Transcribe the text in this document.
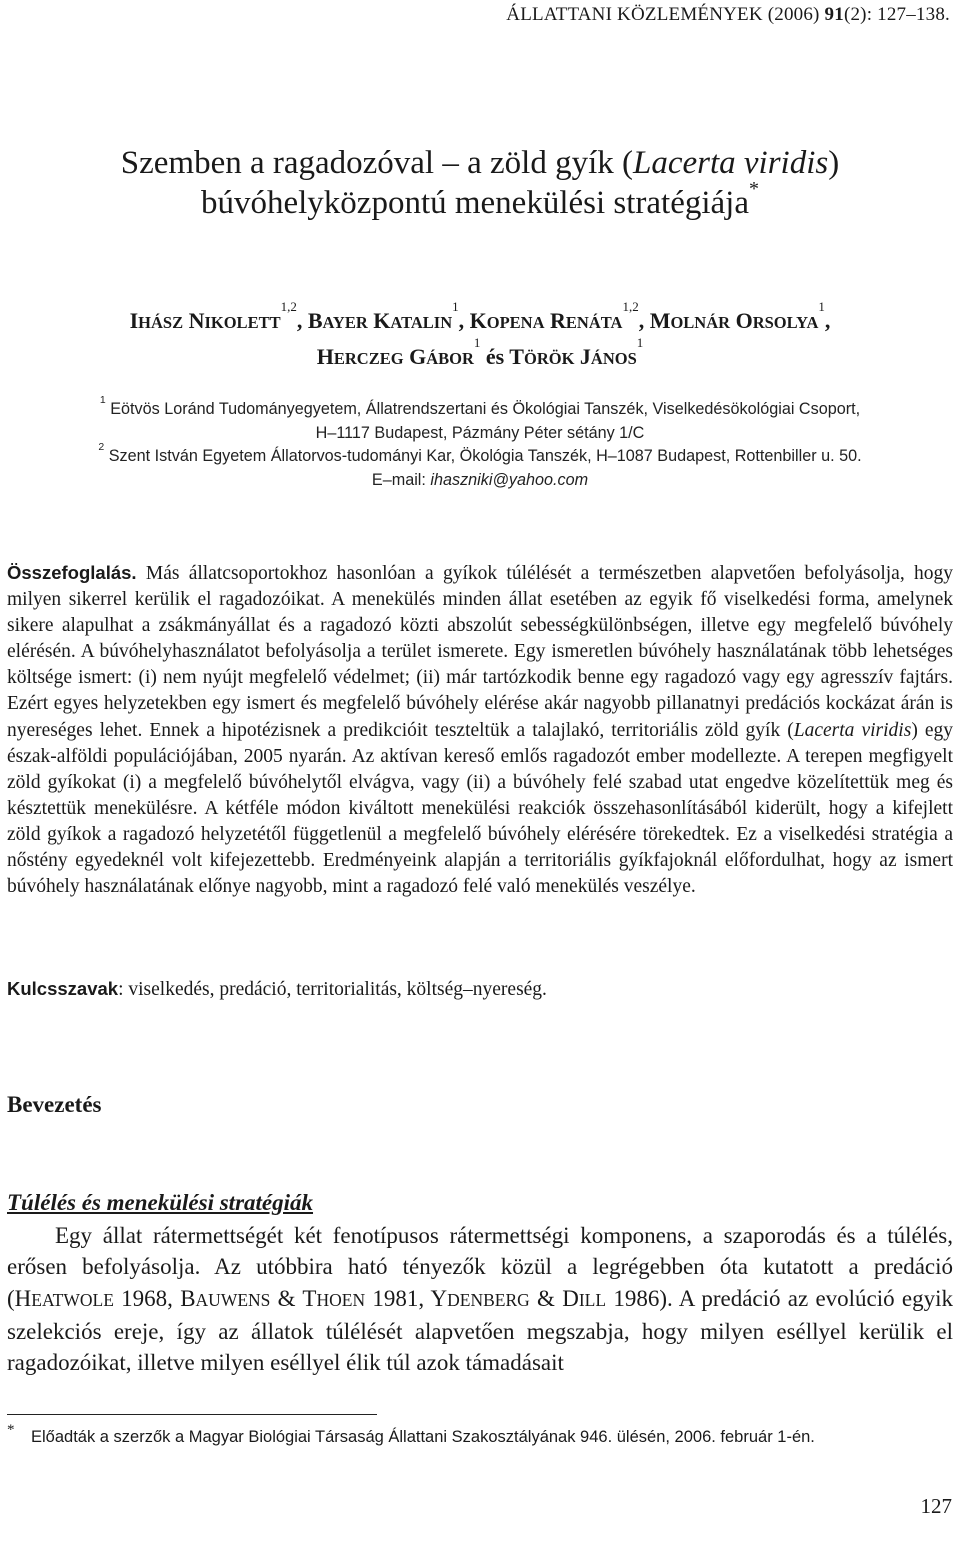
ÁLLATTANI KÖZLEMÉNYEK (2006) 91(2): 127–138.
Szemben a ragadozóval – a zöld gyík (Lacerta viridis)
búvóhelyközpontú menekülési stratégiája*
IHÁSZ NIKOLETT$^{1,2}$, BAYER KATALIN$^1$, KOPENA RENÁTA$^{1,2}$, MOLNÁR ORSOLYA$^1$,
HERCZEG GÁBOR$^1$ és TÖRÖK JÁNOS$^1$
$^1$ Eötvös Loránd Tudományegyetem, Állatrendszertani és Ökológiai Tanszék, Viselkedésökológiai Csoport,
H–1117 Budapest, Pázmány Péter sétány 1/C
$^2$ Szent István Egyetem Állatorvos-tudományi Kar, Ökológia Tanszék, H–1087 Budapest, Rottenbiller u. 50.
E–mail: ihaszniki@yahoo.com
Összefoglalás. Más állatcsoportokhoz hasonlóan a gyíkok túlélését a természetben alapvetően befolyásolja, hogy milyen sikerrel kerülik el ragadozóikat. A menekülés minden állat esetében az egyik fő viselkedési forma, amelynek sikere alapulhat a zsákmányállat és a ragadozó közti abszolút sebességkülönbségen, illetve egy megfelelő búvóhely elérésén. A búvóhelyhasználatot befolyásolja a terület ismerete. Egy ismeretlen búvóhely használatának több lehetséges költsége ismert: (i) nem nyújt megfelelő védelmet; (ii) már tartózkodik benne egy ragadozó vagy egy agresszív fajtárs. Ezért egyes helyzetekben egy ismert és megfelelő búvóhely elérése akár nagyobb pillanatnyi predációs kockázat árán is nyereséges lehet. Ennek a hipotézisnek a predikcióit teszteltük a talajlakó, territoriális zöld gyík (Lacerta viridis) egy észak-alföldi populációjában, 2005 nyarán. Az aktívan kereső emlős ragadozót ember modellezte. A terepen megfigyelt zöld gyíkokat (i) a megfelelő búvóhelytől elvágva, vagy (ii) a búvóhely felé szabad utat engedve közelítettük meg és késztettük menekülésre. A kétféle módon kiváltott menekülési reakciók összehasonlításából kiderült, hogy a kifejlett zöld gyíkok a ragadozó helyzetétől függetlenül a megfelelő búvóhely elérésére törekedtek. Ez a viselkedési stratégia a nőstény egyedeknél volt kifejezettebb. Eredményeink alapján a territoriális gyíkfajoknál előfordulhat, hogy az ismert búvóhely használatának előnye nagyobb, mint a ragadozó felé való menekülés veszélye.
Kulcsszavak: viselkedés, predáció, territorialitás, költség–nyereség.
Bevezetés
Túlélés és menekülési stratégiák
Egy állat rátermettségét két fenotípusos rátermettségi komponens, a szaporodás és a túlélés, erősen befolyásolja. Az utóbbira ható tényezők közül a legrégebben óta kutatott a predáció (HEATWOLE 1968, BAUWENS & THOEN 1981, YDENBERG & DILL 1986). A predáció az evolúció egyik szelekciós ereje, így az állatok túlélését alapvetően megszabja, hogy milyen eséllyel kerülik el ragadozóikat, illetve milyen eséllyel élik túl azok támadásait
* Előadták a szerzők a Magyar Biológiai Társaság Állattani Szakosztályának 946. ülésén, 2006. február 1-én.
127
